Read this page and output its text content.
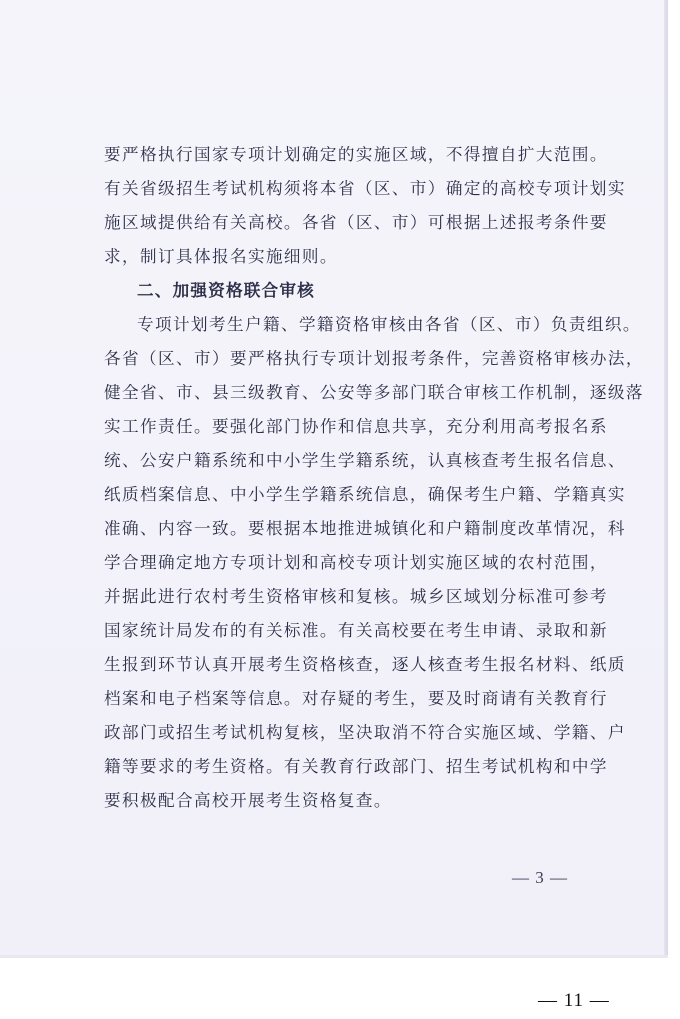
要严格执行国家专项计划确定的实施区域，不得擅自扩大范围。

有关省级招生考试机构须将本省（区、市）确定的高校专项计划实

施区域提供给有关高校。各省（区、市）可根据上述报考条件要

求，制订具体报名实施细则。

二、加强资格联合审核

专项计划考生户籍、学籍资格审核由各省（区、市）负责组织。

各省（区、市）要严格执行专项计划报考条件，完善资格审核办法，

健全省、市、县三级教育、公安等多部门联合审核工作机制，逐级落

实工作责任。要强化部门协作和信息共享，充分利用高考报名系

统、公安户籍系统和中小学生学籍系统，认真核查考生报名信息、

纸质档案信息、中小学生学籍系统信息，确保考生户籍、学籍真实

准确、内容一致。要根据本地推进城镇化和户籍制度改革情况，科

学合理确定地方专项计划和高校专项计划实施区域的农村范围，

并据此进行农村考生资格审核和复核。城乡区域划分标准可参考

国家统计局发布的有关标准。有关高校要在考生申请、录取和新

生报到环节认真开展考生资格核查，逐人核查考生报名材料、纸质

档案和电子档案等信息。对存疑的考生，要及时商请有关教育行

政部门或招生考试机构复核，坚决取消不符合实施区域、学籍、户

籍等要求的考生资格。有关教育行政部门、招生考试机构和中学

要积极配合高校开展考生资格复查。

— 3 —
— 11 —
